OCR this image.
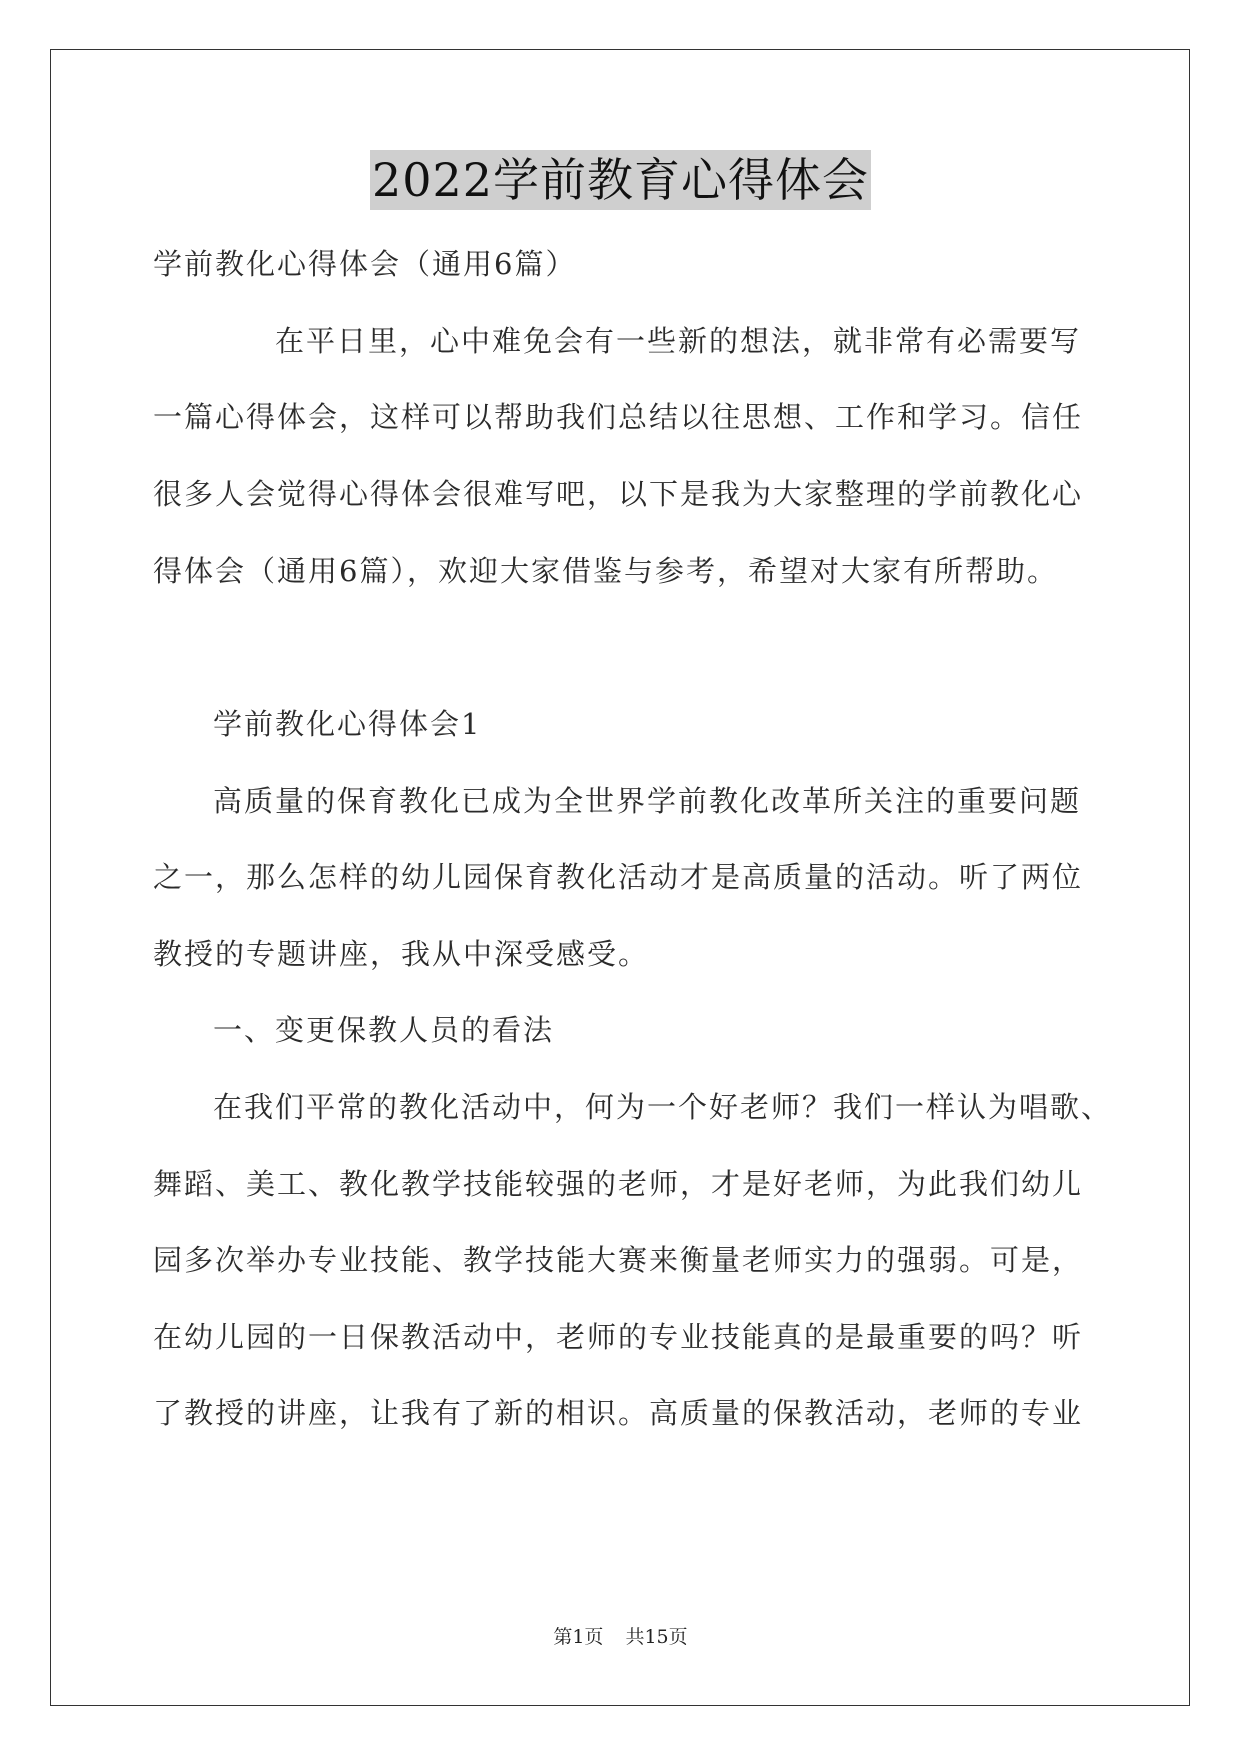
2022学前教育心得体会
学前教化心得体会（通用6篇）
在平日里，心中难免会有一些新的想法，就非常有必需要写
一篇心得体会，这样可以帮助我们总结以往思想、工作和学习。信任
很多人会觉得心得体会很难写吧，以下是我为大家整理的学前教化心
得体会（通用6篇），欢迎大家借鉴与参考，希望对大家有所帮助。
学前教化心得体会1
高质量的保育教化已成为全世界学前教化改革所关注的重要问题
之一，那么怎样的幼儿园保育教化活动才是高质量的活动。听了两位
教授的专题讲座，我从中深受感受。
一、变更保教人员的看法
在我们平常的教化活动中，何为一个好老师？我们一样认为唱歌、
舞蹈、美工、教化教学技能较强的老师，才是好老师，为此我们幼儿
园多次举办专业技能、教学技能大赛来衡量老师实力的强弱。可是，
在幼儿园的一日保教活动中，老师的专业技能真的是最重要的吗？听
了教授的讲座，让我有了新的相识。高质量的保教活动，老师的专业
第1页 共15页
